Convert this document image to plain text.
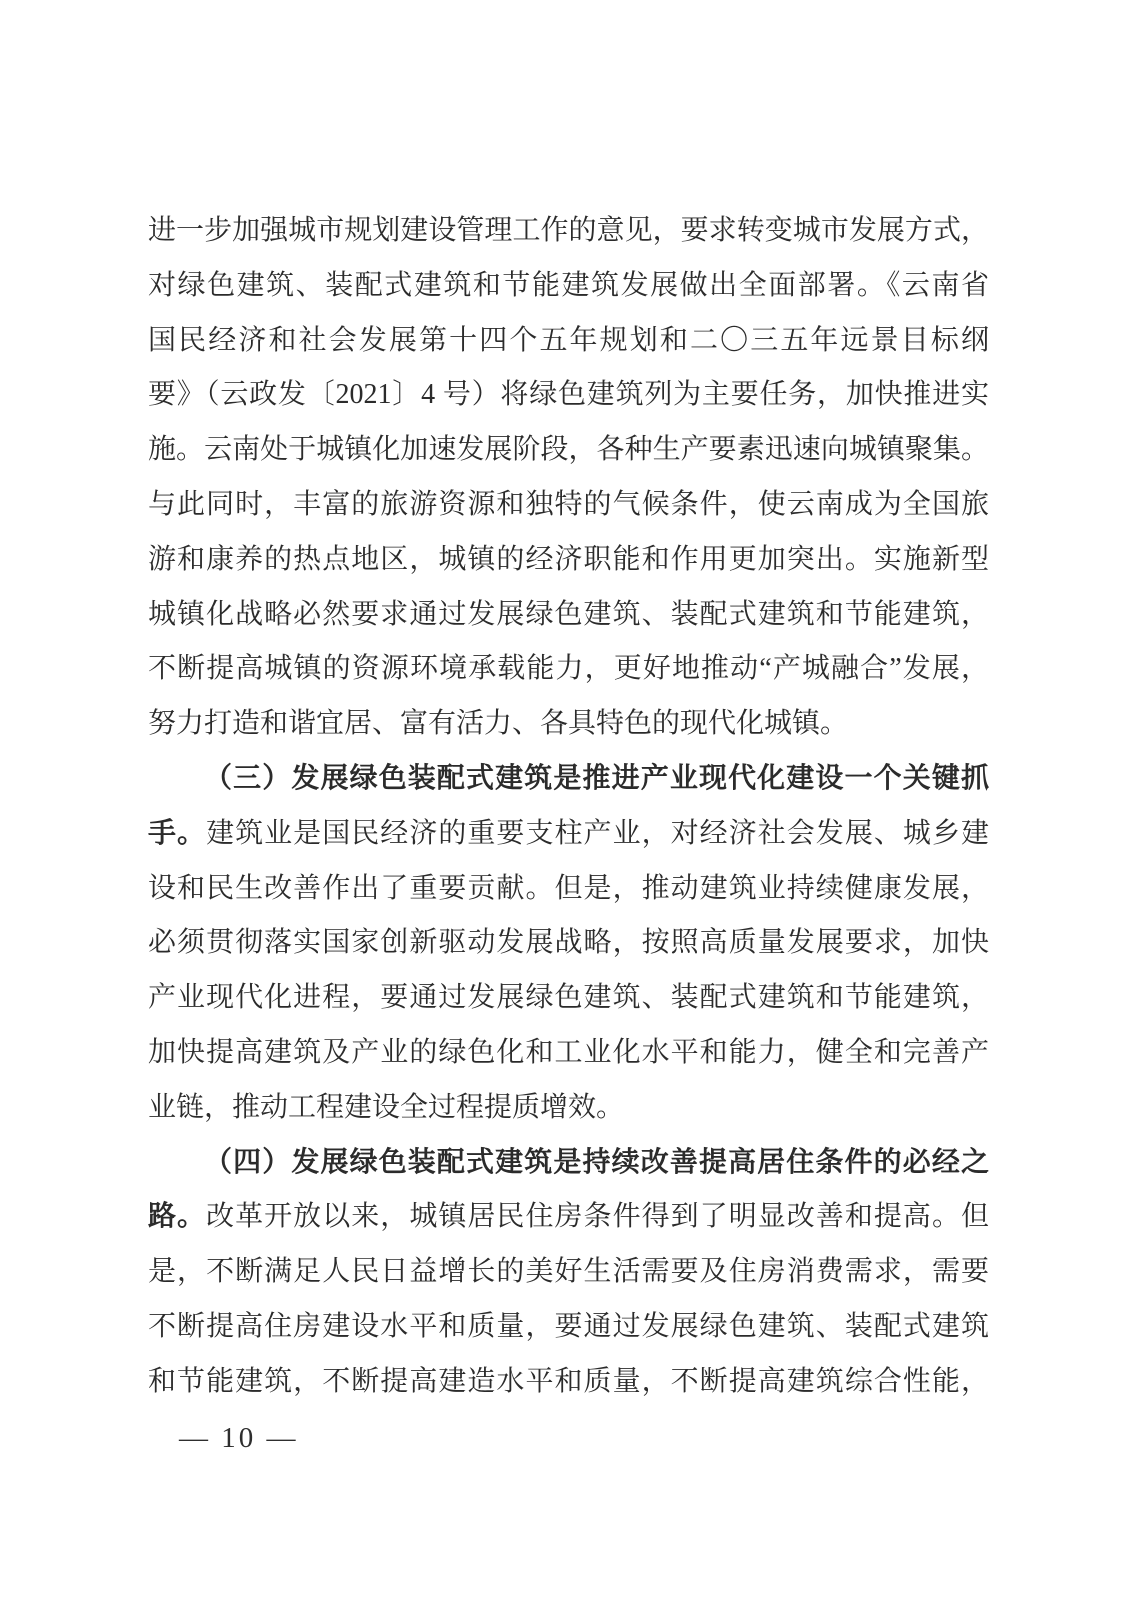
进一步加强城市规划建设管理工作的意见，要求转变城市发展方式，
对绿色建筑、装配式建筑和节能建筑发展做出全面部署。《云南省
国民经济和社会发展第十四个五年规划和二〇三五年远景目标纲
要》（云政发〔2021〕4 号）将绿色建筑列为主要任务，加快推进实
施。云南处于城镇化加速发展阶段，各种生产要素迅速向城镇聚集。
与此同时，丰富的旅游资源和独特的气候条件，使云南成为全国旅
游和康养的热点地区，城镇的经济职能和作用更加突出。实施新型
城镇化战略必然要求通过发展绿色建筑、装配式建筑和节能建筑，
不断提高城镇的资源环境承载能力，更好地推动“产城融合”发展，
努力打造和谐宜居、富有活力、各具特色的现代化城镇。
（三）发展绿色装配式建筑是推进产业现代化建设一个关键抓
手。建筑业是国民经济的重要支柱产业，对经济社会发展、城乡建
设和民生改善作出了重要贡献。但是，推动建筑业持续健康发展，
必须贯彻落实国家创新驱动发展战略，按照高质量发展要求，加快
产业现代化进程，要通过发展绿色建筑、装配式建筑和节能建筑，
加快提高建筑及产业的绿色化和工业化水平和能力，健全和完善产
业链，推动工程建设全过程提质增效。
（四）发展绿色装配式建筑是持续改善提高居住条件的必经之
路。改革开放以来，城镇居民住房条件得到了明显改善和提高。但
是，不断满足人民日益增长的美好生活需要及住房消费需求，需要
不断提高住房建设水平和质量，要通过发展绿色建筑、装配式建筑
和节能建筑，不断提高建造水平和质量，不断提高建筑综合性能，
— 10 —
